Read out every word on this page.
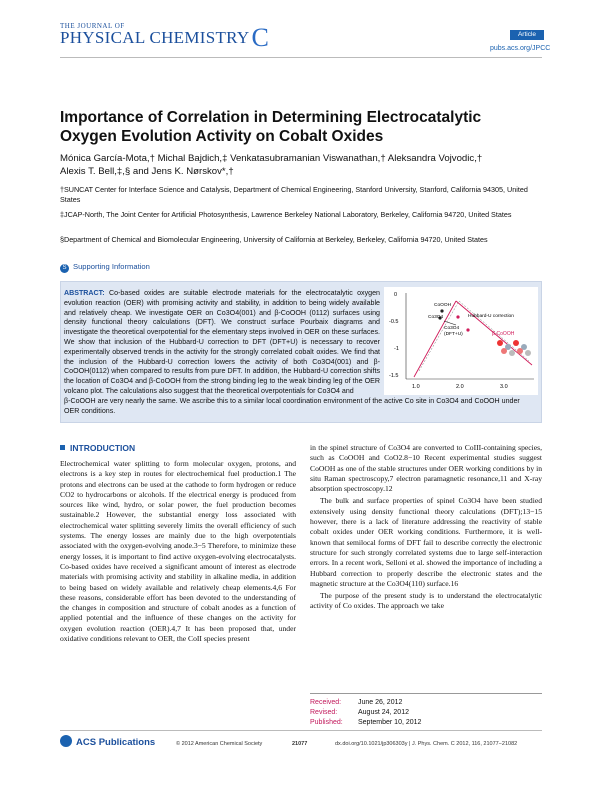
THE JOURNAL OF
PHYSICAL CHEMISTRYC	Article
pubs.acs.org/JPCC
Importance of Correlation in Determining Electrocatalytic Oxygen Evolution Activity on Cobalt Oxides
Mónica García-Mota,† Michal Bajdich,‡ Venkatasubramanian Viswanathan,† Aleksandra Vojvodic,†
Alexis T. Bell,‡,§ and Jens K. Nørskov*,†
†SUNCAT Center for Interface Science and Catalysis, Department of Chemical Engineering, Stanford University, Stanford, California 94305, United States
‡JCAP-North, The Joint Center for Artificial Photosynthesis, Lawrence Berkeley National Laboratory, Berkeley, California 94720, United States
§Department of Chemical and Biomolecular Engineering, University of California at Berkeley, Berkeley, California 94720, United States
S Supporting Information
ABSTRACT: Co-based oxides are suitable electrode materials for the electrocatalytic oxygen evolution reaction (OER) with promising activity and stability, in addition to being widely available and relatively cheap. We investigate OER on Co3O4(001) and β-CoOOH (0112) surfaces using density functional theory calculations (DFT). We construct surface Pourbaix diagrams and investigate the theoretical overpotential for the elementary steps involved in OER on these surfaces. We show that inclusion of the Hubbard-U correction to DFT (DFT+U) is necessary to recover experimentally observed trends in the activity for the strongly correlated cobalt oxides. We find that the inclusion of the Hubbard-U correction lowers the activity of both Co3O4(001) and β-CoOOH(0112) when compared to results from pure DFT. In addition, the Hubbard-U correction shifts the location of Co3O4 and β-CoOOH from the strong binding leg to the weak binding leg of the OER volcano plot. The calculations also suggest that the theoretical overpotentials for Co3O4 and
β-CoOOH are very nearly the same. We ascribe this to a similar local coordination environment of the active Co site in Co3O4 and CoOOH under OER conditions.
0
-0.5
-1
-1.5
1.0	2.0	3.0
CoOOH
Co3O4
Co3O4
(DFT+U)
Hubbard-U correction
β-CoOOH
INTRODUCTION

Electrochemical water splitting to form molecular oxygen, protons, and electrons is a key step in routes for electrochemical fuel production.1 The protons and electrons can be used at the cathode to form hydrogen or reduce CO2 to hydrocarbons or alcohols. If the electrical energy is produced from sources like wind, hydro, or solar power, the fuel production becomes sustainable.2 However, the substantial energy loss associated with electrochemical water splitting severely limits the overall efficiency of such systems. The energy losses are mainly due to the high overpotentials associated with the oxygen-evolving anode.3−5 Therefore, to minimize these energy losses, it is important to find active oxygen-evolving electrocatalysts. Co-based oxides have received a significant amount of interest as electrode materials with promising activity and stability in alkaline media, in addition to being based on widely available and relatively cheap elements.4,6 For these reasons, considerable effort has been devoted to the understanding of the changes in composition and structure of cobalt anodes as a function of applied potential and the influence of these changes on the activity for oxygen evolution reaction (OER).4,7 It has been proposed that, under oxidative conditions relevant to OER, the CoII species present

in the spinel structure of Co3O4 are converted to CoIII-containing species, such as CoOOH and CoO2.8−10 Recent experimental studies suggest CoOOH as one of the stable structures under OER working conditions by in situ Raman spectroscopy,7 electron paramagnetic resonance,11 and X-ray absorption spectroscopy.12

The bulk and surface properties of spinel Co3O4 have been studied extensively using density functional theory calculations (DFT);13−15 however, there is a lack of literature addressing the reactivity of stable cobalt oxides under OER working conditions. Furthermore, it is well-known that semilocal forms of DFT fail to describe correctly the electronic structure for such strongly correlated systems due to large self-interaction errors. In a recent work, Selloni et al. showed the importance of including a Hubbard correction to properly describe the electronic states and the magnetic structure at the Co3O4(110) surface.16

The purpose of the present study is to understand the electrocatalytic activity of Co oxides. The approach we take

Received: June 26, 2012
Revised:	August 24, 2012
Published: September 10, 2012
ACS Publications	© 2012 American Chemical Society	21077	dx.doi.org/10.1021/jp306303y | J. Phys. Chem. C 2012, 116, 21077−21082
